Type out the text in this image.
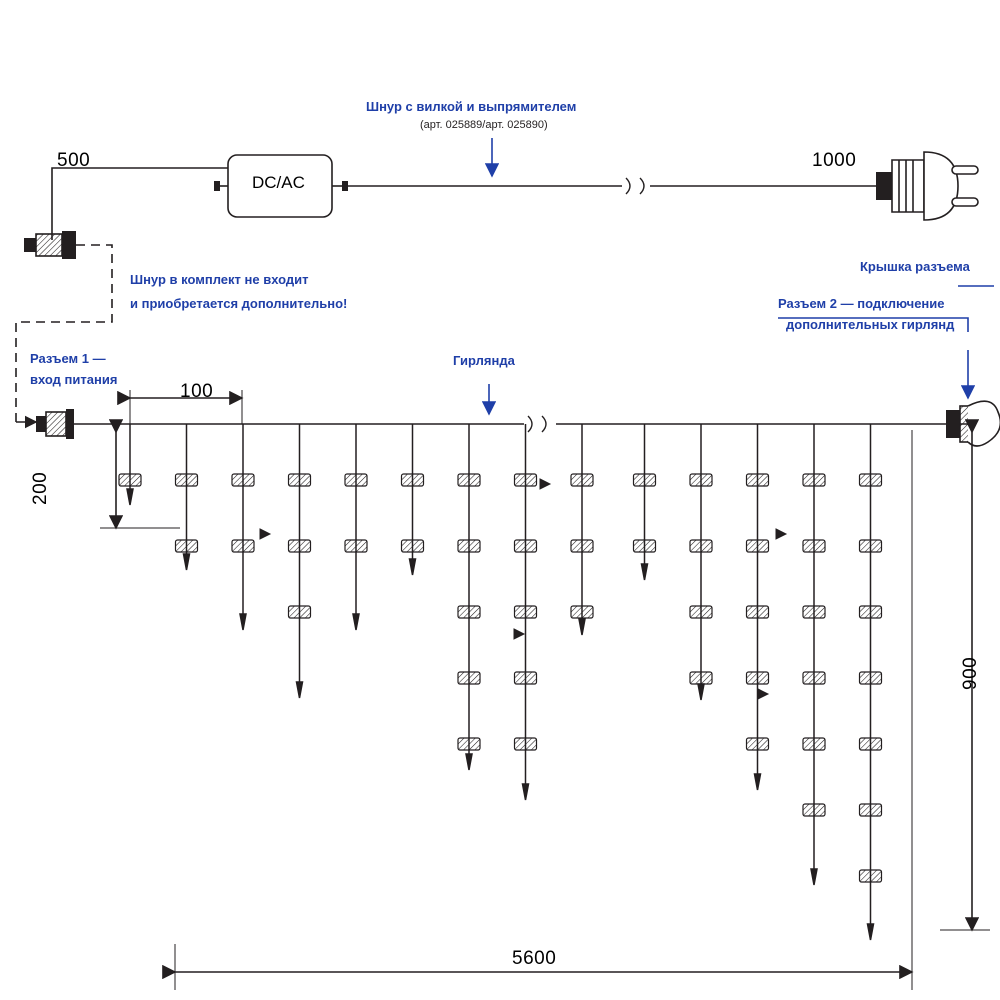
Шнур с вилкой и выпрямителем
(арт. 025889/арт. 025890)
DC/AC
500	1000
Шнур в комплект не входит
и приобретается дополнительно!
Разъем 1 —
вход питания
Крышка разъема
Разъем 2 — подключение
дополнительных гирлянд
Гирлянда
100
200
900
5600
